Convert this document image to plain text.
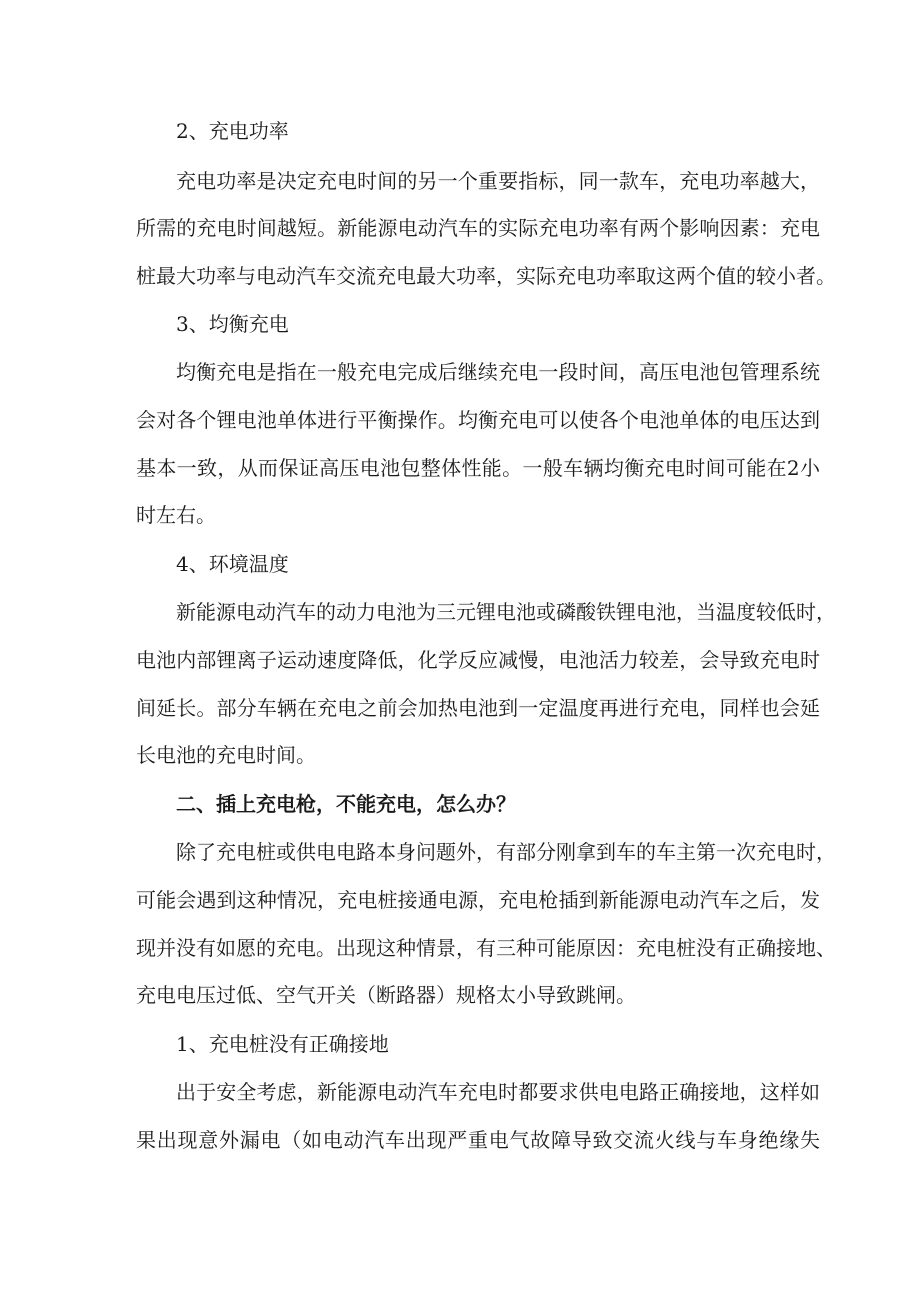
2、充电功率
充电功率是决定充电时间的另一个重要指标，同一款车，充电功率越大，
所需的充电时间越短。新能源电动汽车的实际充电功率有两个影响因素：充电
桩最大功率与电动汽车交流充电最大功率，实际充电功率取这两个值的较小者。
3、均衡充电
均衡充电是指在一般充电完成后继续充电一段时间，高压电池包管理系统
会对各个锂电池单体进行平衡操作。均衡充电可以使各个电池单体的电压达到
基本一致，从而保证高压电池包整体性能。一般车辆均衡充电时间可能在2小
时左右。
4、环境温度
新能源电动汽车的动力电池为三元锂电池或磷酸铁锂电池，当温度较低时，
电池内部锂离子运动速度降低，化学反应减慢，电池活力较差，会导致充电时
间延长。部分车辆在充电之前会加热电池到一定温度再进行充电，同样也会延
长电池的充电时间。
二、插上充电枪，不能充电，怎么办？
除了充电桩或供电电路本身问题外，有部分刚拿到车的车主第一次充电时，
可能会遇到这种情况，充电桩接通电源，充电枪插到新能源电动汽车之后，发
现并没有如愿的充电。出现这种情景，有三种可能原因：充电桩没有正确接地、
充电电压过低、空气开关（断路器）规格太小导致跳闸。
1、充电桩没有正确接地
出于安全考虑，新能源电动汽车充电时都要求供电电路正确接地，这样如
果出现意外漏电（如电动汽车出现严重电气故障导致交流火线与车身绝缘失
